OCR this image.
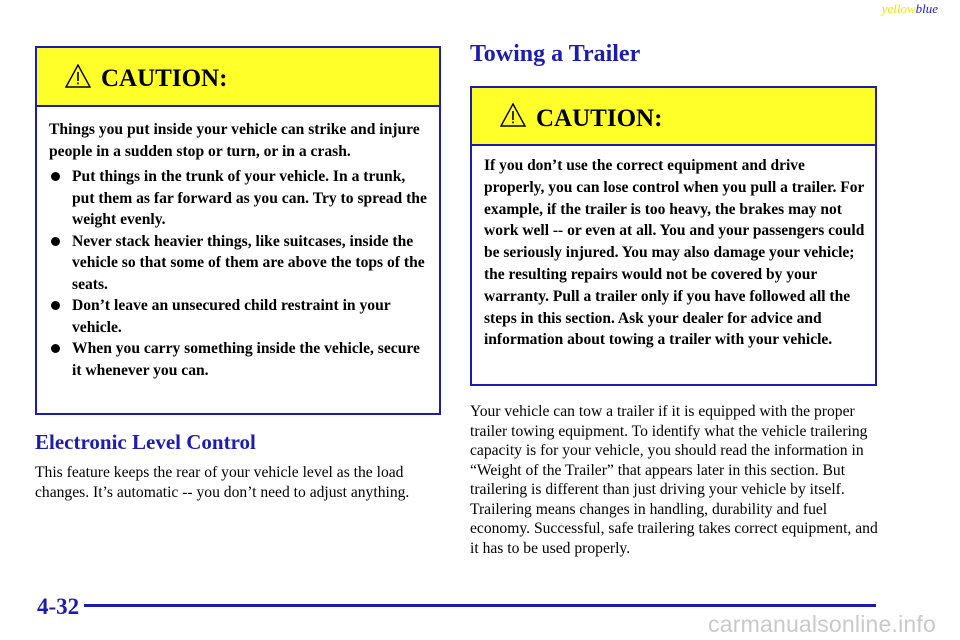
yellowblue
CAUTION:
Things you put inside your vehicle can strike and injure people in a sudden stop or turn, or in a crash.
Put things in the trunk of your vehicle. In a trunk, put them as far forward as you can. Try to spread the weight evenly.
Never stack heavier things, like suitcases, inside the vehicle so that some of them are above the tops of the seats.
Don’t leave an unsecured child restraint in your vehicle.
When you carry something inside the vehicle, secure it whenever you can.
Electronic Level Control
This feature keeps the rear of your vehicle level as the load changes. It’s automatic -- you don’t need to adjust anything.
Towing a Trailer
CAUTION:
If you don’t use the correct equipment and drive properly, you can lose control when you pull a trailer. For example, if the trailer is too heavy, the brakes may not work well -- or even at all. You and your passengers could be seriously injured. You may also damage your vehicle; the resulting repairs would not be covered by your warranty. Pull a trailer only if you have followed all the steps in this section. Ask your dealer for advice and information about towing a trailer with your vehicle.
Your vehicle can tow a trailer if it is equipped with the proper trailer towing equipment. To identify what the vehicle trailering capacity is for your vehicle, you should read the information in “Weight of the Trailer” that appears later in this section. But trailering is different than just driving your vehicle by itself. Trailering means changes in handling, durability and fuel economy. Successful, safe trailering takes correct equipment, and it has to be used properly.
4-32
carmanualsonline.info
